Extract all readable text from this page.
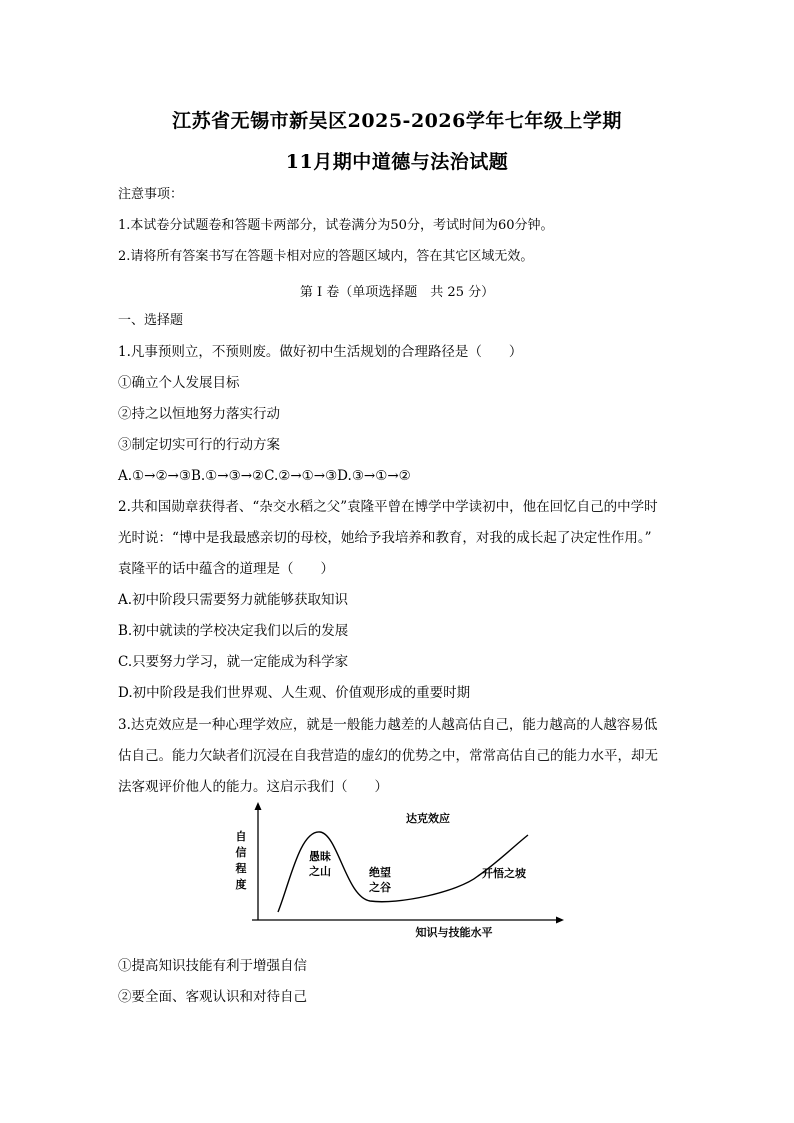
江苏省无锡市新吴区2025-2026学年七年级上学期
11月期中道德与法治试题
注意事项：
1.本试卷分试题卷和答题卡两部分，试卷满分为50分，考试时间为60分钟。
2.请将所有答案书写在答题卡相对应的答题区域内，答在其它区域无效。
第 I 卷（单项选择题　共 25 分）
一、选择题
1.凡事预则立，不预则废。做好初中生活规划的合理路径是（　　）
①确立个人发展目标
②持之以恒地努力落实行动
③制定切实可行的行动方案
A.①→②→③B.①→③→②C.②→①→③D.③→①→②
2.共和国勋章获得者、“杂交水稻之父”袁隆平曾在博学中学读初中，他在回忆自己的中学时
光时说：“博中是我最感亲切的母校，她给予我培养和教育，对我的成长起了决定性作用。”
袁隆平的话中蕴含的道理是（　　）
A.初中阶段只需要努力就能够获取知识
B.初中就读的学校决定我们以后的发展
C.只要努力学习，就一定能成为科学家
D.初中阶段是我们世界观、人生观、价值观形成的重要时期
3.达克效应是一种心理学效应，就是一般能力越差的人越高估自己，能力越高的人越容易低
估自己。能力欠缺者们沉浸在自我营造的虚幻的优势之中，常常高估自己的能力水平，却无
法客观评价他人的能力。这启示我们（　　）
达克效应
自信程度
知识与技能水平
愚昧之山	绝望之谷
开悟之坡
①提高知识技能有利于增强自信
②要全面、客观认识和对待自己
